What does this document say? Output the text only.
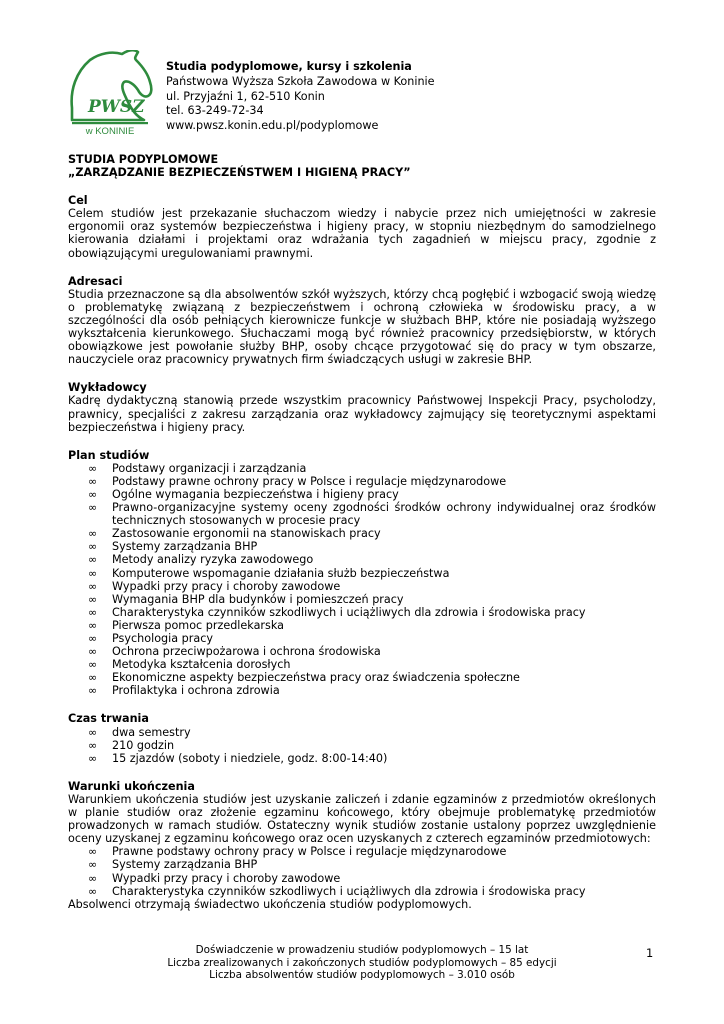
PWSZ
w KONINIE
Studia podyplomowe, kursy i szkolenia
Państwowa Wyższa Szkoła Zawodowa w Koninie
ul. Przyjaźni 1, 62-510 Konin
tel. 63-249-72-34
www.pwsz.konin.edu.pl/podyplomowe
STUDIA PODYPLOMOWE
„ZARZĄDZANIE BEZPIECZEŃSTWEM I HIGIENĄ PRACY”
Cel

Celem studiów jest przekazanie słuchaczom wiedzy i nabycie przez nich umiejętności w zakresie ergonomii oraz systemów bezpieczeństwa i higieny pracy, w stopniu niezbędnym do samodzielnego kierowania działami i projektami oraz wdrażania tych zagadnień w miejscu pracy, zgodnie z obowiązującymi uregulowaniami prawnymi.

Adresaci

Studia przeznaczone są dla absolwentów szkół wyższych, którzy chcą pogłębić i wzbogacić swoją wiedzę o problematykę związaną z bezpieczeństwem i ochroną człowieka w środowisku pracy, a w szczególności dla osób pełniących kierownicze funkcje w służbach BHP, które nie posiadają wyższego wykształcenia kierunkowego. Słuchaczami mogą być również pracownicy przedsiębiorstw, w których obowiązkowe jest powołanie służby BHP, osoby chcące przygotować się do pracy w tym obszarze, nauczyciele oraz pracownicy prywatnych firm świadczących usługi w zakresie BHP.

Wykładowcy

Kadrę dydaktyczną stanowią przede wszystkim pracownicy Państwowej Inspekcji Pracy, psycholodzy, prawnicy, specjaliści z zakresu zarządzania oraz wykładowcy zajmujący się teoretycznymi aspektami bezpieczeństwa i higieny pracy.

Plan studiów
∞ Podstawy organizacji i zarządzania
∞ Podstawy prawne ochrony pracy w Polsce i regulacje międzynarodowe
∞ Ogólne wymagania bezpieczeństwa i higieny pracy
∞ Prawno-organizacyjne systemy oceny zgodności środków ochrony indywidualnej oraz środków technicznych stosowanych w procesie pracy
∞ Zastosowanie ergonomii na stanowiskach pracy
∞ Systemy zarządzania BHP
∞ Metody analizy ryzyka zawodowego
∞ Komputerowe wspomaganie działania służb bezpieczeństwa
∞ Wypadki przy pracy i choroby zawodowe
∞ Wymagania BHP dla budynków i pomieszczeń pracy
∞ Charakterystyka czynników szkodliwych i uciążliwych dla zdrowia i środowiska pracy
∞ Pierwsza pomoc przedlekarska
∞ Psychologia pracy
∞ Ochrona przeciwpożarowa i ochrona środowiska
∞ Metodyka kształcenia dorosłych
∞ Ekonomiczne aspekty bezpieczeństwa pracy oraz świadczenia społeczne
∞ Profilaktyka i ochrona zdrowia
Czas trwania
∞ dwa semestry
∞ 210 godzin
∞ 15 zjazdów (soboty i niedziele, godz. 8:00-14:40)
Warunki ukończenia

Warunkiem ukończenia studiów jest uzyskanie zaliczeń i zdanie egzaminów z przedmiotów określonych w planie studiów oraz złożenie egzaminu końcowego, który obejmuje problematykę przedmiotów prowadzonych w ramach studiów. Ostateczny wynik studiów zostanie ustalony poprzez uwzględnienie oceny uzyskanej z egzaminu końcowego oraz ocen uzyskanych z czterech egzaminów przedmiotowych:

∞ Prawne podstawy ochrony pracy w Polsce i regulacje międzynarodowe
∞ Systemy zarządzania BHP
∞ Wypadki przy pracy i choroby zawodowe
∞ Charakterystyka czynników szkodliwych i uciążliwych dla zdrowia i środowiska pracy

Absolwenci otrzymają świadectwo ukończenia studiów podyplomowych.

Doświadczenie w prowadzeniu studiów podyplomowych – 15 lat
Liczba zrealizowanych i zakończonych studiów podyplomowych – 85 edycji
Liczba absolwentów studiów podyplomowych – 3.010 osób
1
